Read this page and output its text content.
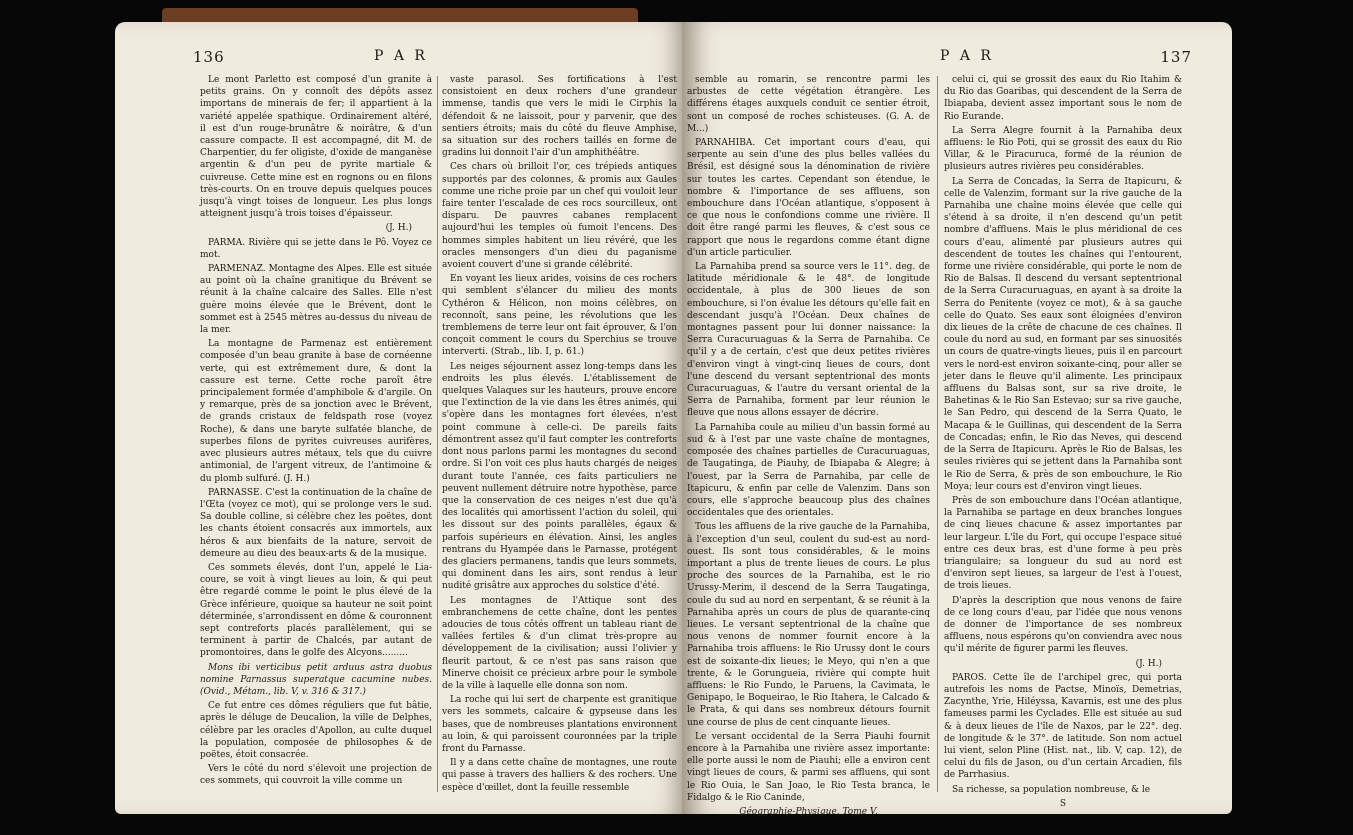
136	P A R

Le mont Parletto est composé d'un granite à petits grains. On y connoît des dépôts assez importans de minerais de fer; il appartient à la variété appelée spathique. Ordinairement altéré, il est d'un rouge-brunâtre & noirâtre, & d'un cassure compacte. Il est accompagné, dit M. de Charpentier, du fer oligiste, d'oxide de manganèse argentin & d'un peu de pyrite martiale & cuivreuse. Cette mine est en rognons ou en filons très-courts. On en trouve depuis quelques pouces jusqu'à vingt toises de longueur. Les plus longs atteignent jusqu'à trois toises d'épaisseur.

(J. H.)

PARMA. Rivière qui se jette dans le Pô. Voyez ce mot.

PARMENAZ. Montagne des Alpes. Elle est située au point où la chaîne granitique du Brévent se réunit à la chaîne calcaire des Salles. Elle n'est guère moins élevée que le Brévent, dont le sommet est à 2545 mètres au-dessus du niveau de la mer.

La montagne de Parmenaz est entièrement composée d'un beau granite à base de cornéenne verte, qui est extrêmement dure, & dont la cassure est terne. Cette roche paroît être principalement formée d'amphibole & d'argile. On y remarque, près de sa jonction avec le Brévent, de grands cristaux de feldspath rose (voyez Roche), & dans une baryte sulfatée blanche, de superbes filons de pyrites cuivreuses aurifères, avec plusieurs autres métaux, tels que du cuivre antimonial, de l'argent vitreux, de l'antimoine & du plomb sulfuré. (J. H.)

PARNASSE. C'est la continuation de la chaîne de l'Œta (voyez ce mot), qui se prolonge vers le sud. Sa double colline, si célèbre chez les poëtes, dont les chants étoient consacrés aux immortels, aux héros & aux bienfaits de la nature, servoit de demeure au dieu des beaux-arts & de la musique.

Ces sommets élevés, dont l'un, appelé le Lia-coure, se voit à vingt lieues au loin, & qui peut être regardé comme le point le plus élevé de la Grèce inférieure, quoique sa hauteur ne soit point déterminée, s'arrondissent en dôme & couronnent sept contreforts placés parallèlement, qui se terminent à partir de Chalcés, par autant de promontoires, dans le golfe des Alcyons.........

Mons ibi verticibus petit arduus astra duobus nomine Parnassus superatque cacumine nubes. (Ovid., Métam., lib. V, v. 316 & 317.)

Ce fut entre ces dômes réguliers que fut bâtie, après le déluge de Deucalion, la ville de Delphes, célèbre par les oracles d'Apollon, au culte duquel la population, composée de philosophes & de poëtes, étoit consacrée.

Vers le côté du nord s'élevoit une projection de ces sommets, qui couvroit la ville comme un

vaste parasol. Ses fortifications à l'est consistoient en deux rochers d'une grandeur immense, tandis que vers le midi le Cirphis la défendoit & ne laissoit, pour y parvenir, que des sentiers étroits; mais du côté du fleuve Amphise, sa situation sur des rochers taillés en forme de gradins lui donnoit l'air d'un amphithéâtre.

Ces chars où brilloit l'or, ces trépieds antiques supportés par des colonnes, & promis aux Gaules comme une riche proie par un chef qui vouloit leur faire tenter l'escalade de ces rocs sourcilleux, ont disparu. De pauvres cabanes remplacent aujourd'hui les temples où fumoit l'encens. Des hommes simples habitent un lieu révéré, que les oracles mensongers d'un dieu du paganisme avoient couvert d'une si grande célébrité.

En voyant les lieux arides, voisins de ces rochers qui semblent s'élancer du milieu des monts Cythéron & Hélicon, non moins célèbres, on reconnoît, sans peine, les révolutions que les tremblemens de terre leur ont fait éprouver, & l'on conçoit comment le cours du Sperchius se trouve interverti. (Strab., lib. I, p. 61.)

Les neiges séjournent assez long-temps dans les endroits les plus élevés. L'établissement de quelques Valaques sur les hauteurs, prouve encore que l'extinction de la vie dans les êtres animés, qui s'opère dans les montagnes fort élevées, n'est point commune à celle-ci. De pareils faits démontrent assez qu'il faut compter les contreforts dont nous parlons parmi les montagnes du second ordre. Si l'on voit ces plus hauts chargés de neiges durant toute l'année, ces faits particuliers ne peuvent nullement détruire notre hypothèse, parce que la conservation de ces neiges n'est due qu'à des localités qui amortissent l'action du soleil, qui les dissout sur des points parallèles, égaux & parfois supérieurs en élévation. Ainsi, les angles rentrans du Hyampée dans le Parnasse, protégent des glaciers permanens, tandis que leurs sommets, qui dominent dans les airs, sont rendus à leur nudité grisâtre aux approches du solstice d'été.

Les montagnes de l'Attique sont des embranchemens de cette chaîne, dont les pentes adoucies de tous côtés offrent un tableau riant de vallées fertiles & d'un climat très-propre au développement de la civilisation; aussi l'olivier y fleurit partout, & ce n'est pas sans raison que Minerve choisit ce précieux arbre pour le symbole de la ville à laquelle elle donna son nom.

La roche qui lui sert de charpente est granitique vers les sommets, calcaire & gypseuse dans les bases, que de nombreuses plantations environnent au loin, & qui paroissent couronnées par la triple front du Parnasse.

Il y a dans cette chaîne de montagnes, une route qui passe à travers des halliers & des rochers. Une espèce d'œillet, dont la feuille ressemble

P A R	137

semble au romarin, se rencontre parmi les arbustes de cette végétation étrangère. Les différens étages auxquels conduit ce sentier étroit, sont un composé de roches schisteuses. (G. A. de M...)

PARNAHIBA. Cet important cours d'eau, qui serpente au sein d'une des plus belles vallées du Brésil, est désigné sous la dénomination de rivière sur toutes les cartes. Cependant son étendue, le nombre & l'importance de ses affluens, son embouchure dans l'Océan atlantique, s'opposent à ce que nous le confondions comme une rivière. Il doit être rangé parmi les fleuves, & c'est sous ce rapport que nous le regardons comme étant digne d'un article particulier.

La Parnahiba prend sa source vers le 11°. deg. de latitude méridionale & le 48°. de longitude occidentale, à plus de 300 lieues de son embouchure, si l'on évalue les détours qu'elle fait en descendant jusqu'à l'Océan. Deux chaînes de montagnes passent pour lui donner naissance: la Serra Curacuruaguas & la Serra de Parnahiba. Ce qu'il y a de certain, c'est que deux petites rivières d'environ vingt à vingt-cinq lieues de cours, dont l'une descend du versant septentrional des monts Curacuruaguas, & l'autre du versant oriental de la Serra de Parnahiba, forment par leur réunion le fleuve que nous allons essayer de décrire.

La Parnahiba coule au milieu d'un bassin formé au sud & à l'est par une vaste chaîne de montagnes, composée des chaînes partielles de Curacuruaguas, de Taugatinga, de Piauhy, de Ibiapaba & Alegre; à l'ouest, par la Serra de Parnahiba, par celle de Itapicuru, & enfin par celle de Valenzim. Dans son cours, elle s'approche beaucoup plus des chaînes occidentales que des orientales.

Tous les affluens de la rive gauche de la Parnahiba, à l'exception d'un seul, coulent du sud-est au nord-ouest. Ils sont tous considérables, & le moins important a plus de trente lieues de cours. Le plus proche des sources de la Parnahiba, est le rio Urussy-Merim, il descend de la Serra Taugatinga, coule du sud au nord en serpentant, & se réunit à la Parnahiba après un cours de plus de quarante-cinq lieues. Le versant septentrional de la chaîne que nous venons de nommer fournit encore à la Parnahiba trois affluens: le Rio Urussy dont le cours est de soixante-dix lieues; le Meyo, qui n'en a que trente, & le Gorungueia, rivière qui compte huit affluens: le Rio Fundo, le Paruens, la Cavimata, le Genipapo, le Boqueirao, le Rio Itahera, le Calcado & le Prata, & qui dans ses nombreux détours fournit une course de plus de cent cinquante lieues.

Le versant occidental de la Serra Piauhi fournit encore à la Parnahiba une rivière assez importante: elle porte aussi le nom de Piauhi; elle a environ cent vingt lieues de cours, & parmi ses affluens, qui sont le Rio Ouia, le San Joao, le Rio Testa branca, le Fidalgo & le Rio Caninde,

Géographie-Physique. Tome V.

celui ci, qui se grossit des eaux du Rio Itahim & du Rio das Goaribas, qui descendent de la Serra de Ibiapaba, devient assez important sous le nom de Rio Eurande.

La Serra Alegre fournit à la Parnahiba deux affluens: le Rio Poti, qui se grossit des eaux du Rio Villar, & le Piracuruca, formé de la réunion de plusieurs autres rivières peu considérables.

La Serra de Concadas, la Serra de Itapicuru, & celle de Valenzim, formant sur la rive gauche de la Parnahiba une chaîne moins élevée que celle qui s'étend à sa droite, il n'en descend qu'un petit nombre d'affluens. Mais le plus méridional de ces cours d'eau, alimenté par plusieurs autres qui descendent de toutes les chaînes qui l'entourent, forme une rivière considérable, qui porte le nom de Rio de Balsas. Il descend du versant septentrional de la Serra Curacuruaguas, en ayant à sa droite la Serra do Penitente (voyez ce mot), & à sa gauche celle do Quato. Ses eaux sont éloignées d'environ dix lieues de la crête de chacune de ces chaînes. Il coule du nord au sud, en formant par ses sinuosités un cours de quatre-vingts lieues, puis il en parcourt vers le nord-est environ soixante-cinq, pour aller se jeter dans le fleuve qu'il alimente. Les principaux affluens du Balsas sont, sur sa rive droite, le Bahetinas & le Rio San Estevao; sur sa rive gauche, le San Pedro, qui descend de la Serra Quato, le Macapa & le Guillinas, qui descendent de la Serra de Concadas; enfin, le Rio das Neves, qui descend de la Serra de Itapicuru. Après le Rio de Balsas, les seules rivières qui se jettent dans la Parnahiba sont le Rio de Serra, & près de son embouchure, le Rio Moya; leur cours est d'environ vingt lieues.

Près de son embouchure dans l'Océan atlantique, la Parnahiba se partage en deux branches longues de cinq lieues chacune & assez importantes par leur largeur. L'île du Fort, qui occupe l'espace situé entre ces deux bras, est d'une forme à peu près triangulaire; sa longueur du sud au nord est d'environ sept lieues, sa largeur de l'est à l'ouest, de trois lieues.

D'après la description que nous venons de faire de ce long cours d'eau, par l'idée que nous venons de donner de l'importance de ses nombreux affluens, nous espérons qu'on conviendra avec nous qu'il mérite de figurer parmi les fleuves.

(J. H.)

PAROS. Cette île de l'archipel grec, qui porta autrefois les noms de Pactse, Minoïs, Demetrias, Zacynthe, Yrie, Hiléyssa, Kavarnis, est une des plus fameuses parmi les Cyclades. Elle est située au sud & à deux lieues de l'île de Naxos, par le 22°. deg. de longitude & le 37°. de latitude. Son nom actuel lui vient, selon Pline (Hist. nat., lib. V, cap. 12), de celui du fils de Jason, ou d'un certain Arcadien, fils de Parrhasius.

Sa richesse, sa population nombreuse, & le

S
